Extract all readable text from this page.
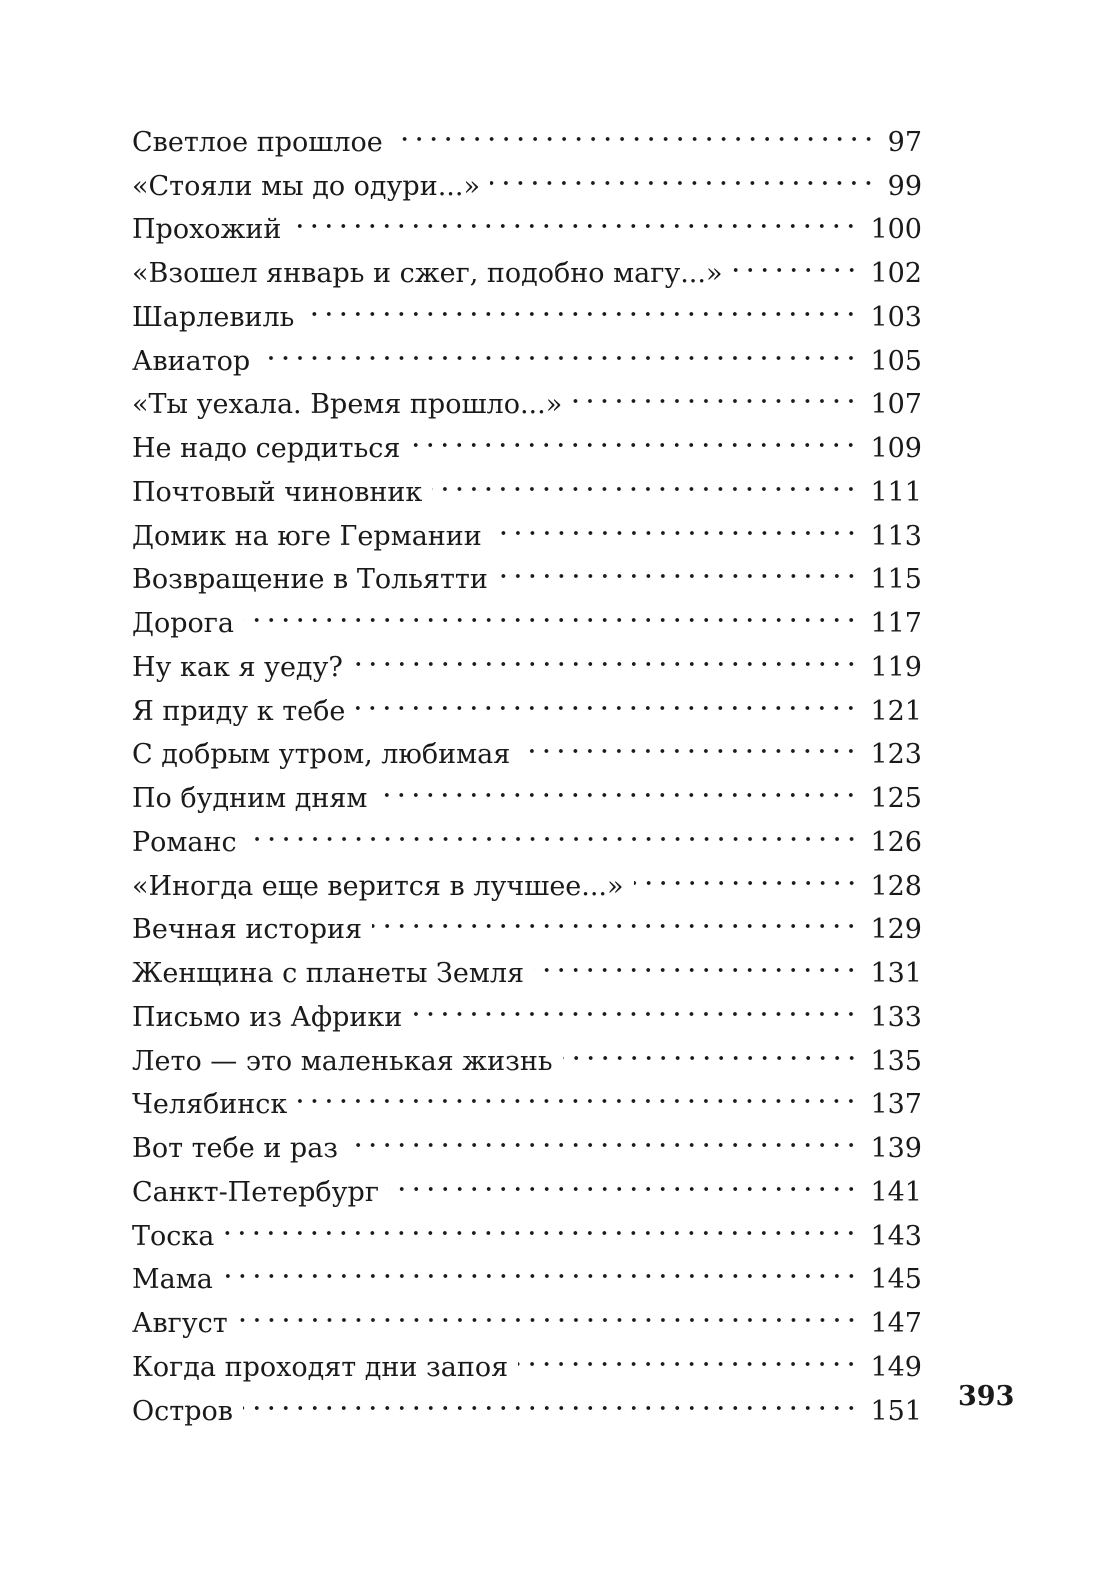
Светлое прошлое	97
«Стояли мы до одури...»	99
Прохожий	100
«Взошел январь и сжег, подобно магу...»	102
Шарлевиль	103
Авиатор	105
«Ты уехала. Время прошло...»	107
Не надо сердиться	109
Почтовый чиновник	111
Домик на юге Германии	113
Возвращение в Тольятти	115
Дорога	117
Ну как я уеду?	119
Я приду к тебе	121
С добрым утром, любимая	123
По будним дням	125
Романс	126
«Иногда еще верится в лучшее...»	128
Вечная история	129
Женщина с планеты Земля	131
Письмо из Африки	133
Лето — это маленькая жизнь	135
Челябинск	137
Вот тебе и раз	139
Санкт-Петербург	141
Тоска	143
Мама	145
Август	147
Когда проходят дни запоя	149
Остров	151 393
